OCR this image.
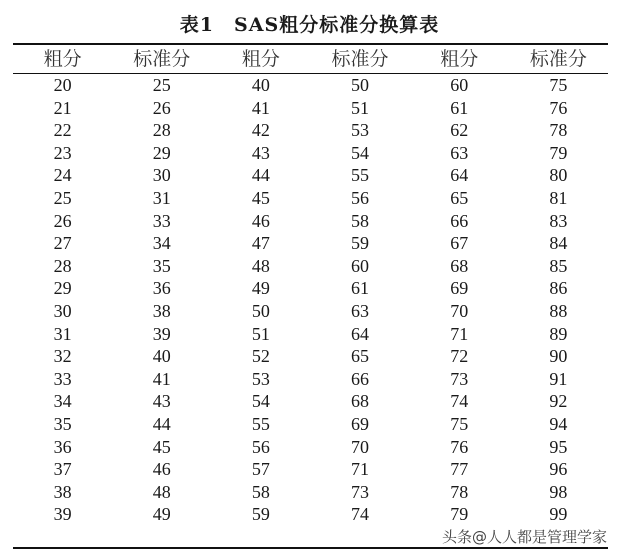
表1　SAS粗分标准分换算表
粗分	标准分	粗分	标准分	粗分	标准分
20	25	40	50	60	75
21	26	41	51	61	76
22	28	42	53	62	78
23	29	43	54	63	79
24	30	44	55	64	80
25	31	45	56	65	81
26	33	46	58	66	83
27	34	47	59	67	84
28	35	48	60	68	85
29	36	49	61	69	86
30	38	50	63	70	88
31	39	51	64	71	89
32	40	52	65	72	90
33	41	53	66	73	91
34	43	54	68	74	92
35	44	55	69	75	94
36	45	56	70	76	95
37	46	57	71	77	96
38	48	58	73	78	98
39	49	59	74	79	99
头条@人人都是管理学家
